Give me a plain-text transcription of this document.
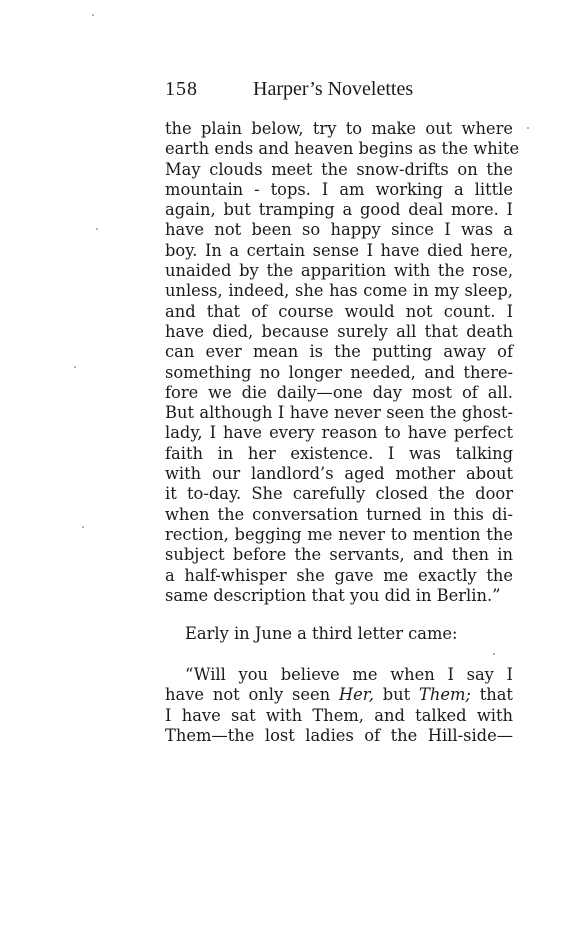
158	Harper’s Novelettes
the plain below, try to make out where
earth ends and heaven begins as the white
May clouds meet the snow-drifts on the
mountain - tops. I am working a little
again, but tramping a good deal more. I
have not been so happy since I was a
boy. In a certain sense I have died here,
unaided by the apparition with the rose,
unless, indeed, she has come in my sleep,
and that of course would not count. I
have died, because surely all that death
can ever mean is the putting away of
something no longer needed, and there-
fore we die daily—one day most of all.
But although I have never seen the ghost-
lady, I have every reason to have perfect
faith in her existence. I was talking
with our landlord’s aged mother about
it to-day. She carefully closed the door
when the conversation turned in this di-
rection, begging me never to mention the
subject before the servants, and then in
a half-whisper she gave me exactly the
same description that you did in Berlin.”
Early in June a third letter came:
“Will you believe me when I say I
have not only seen Her, but Them; that
I have sat with Them, and talked with
Them—the lost ladies of the Hill-side—
